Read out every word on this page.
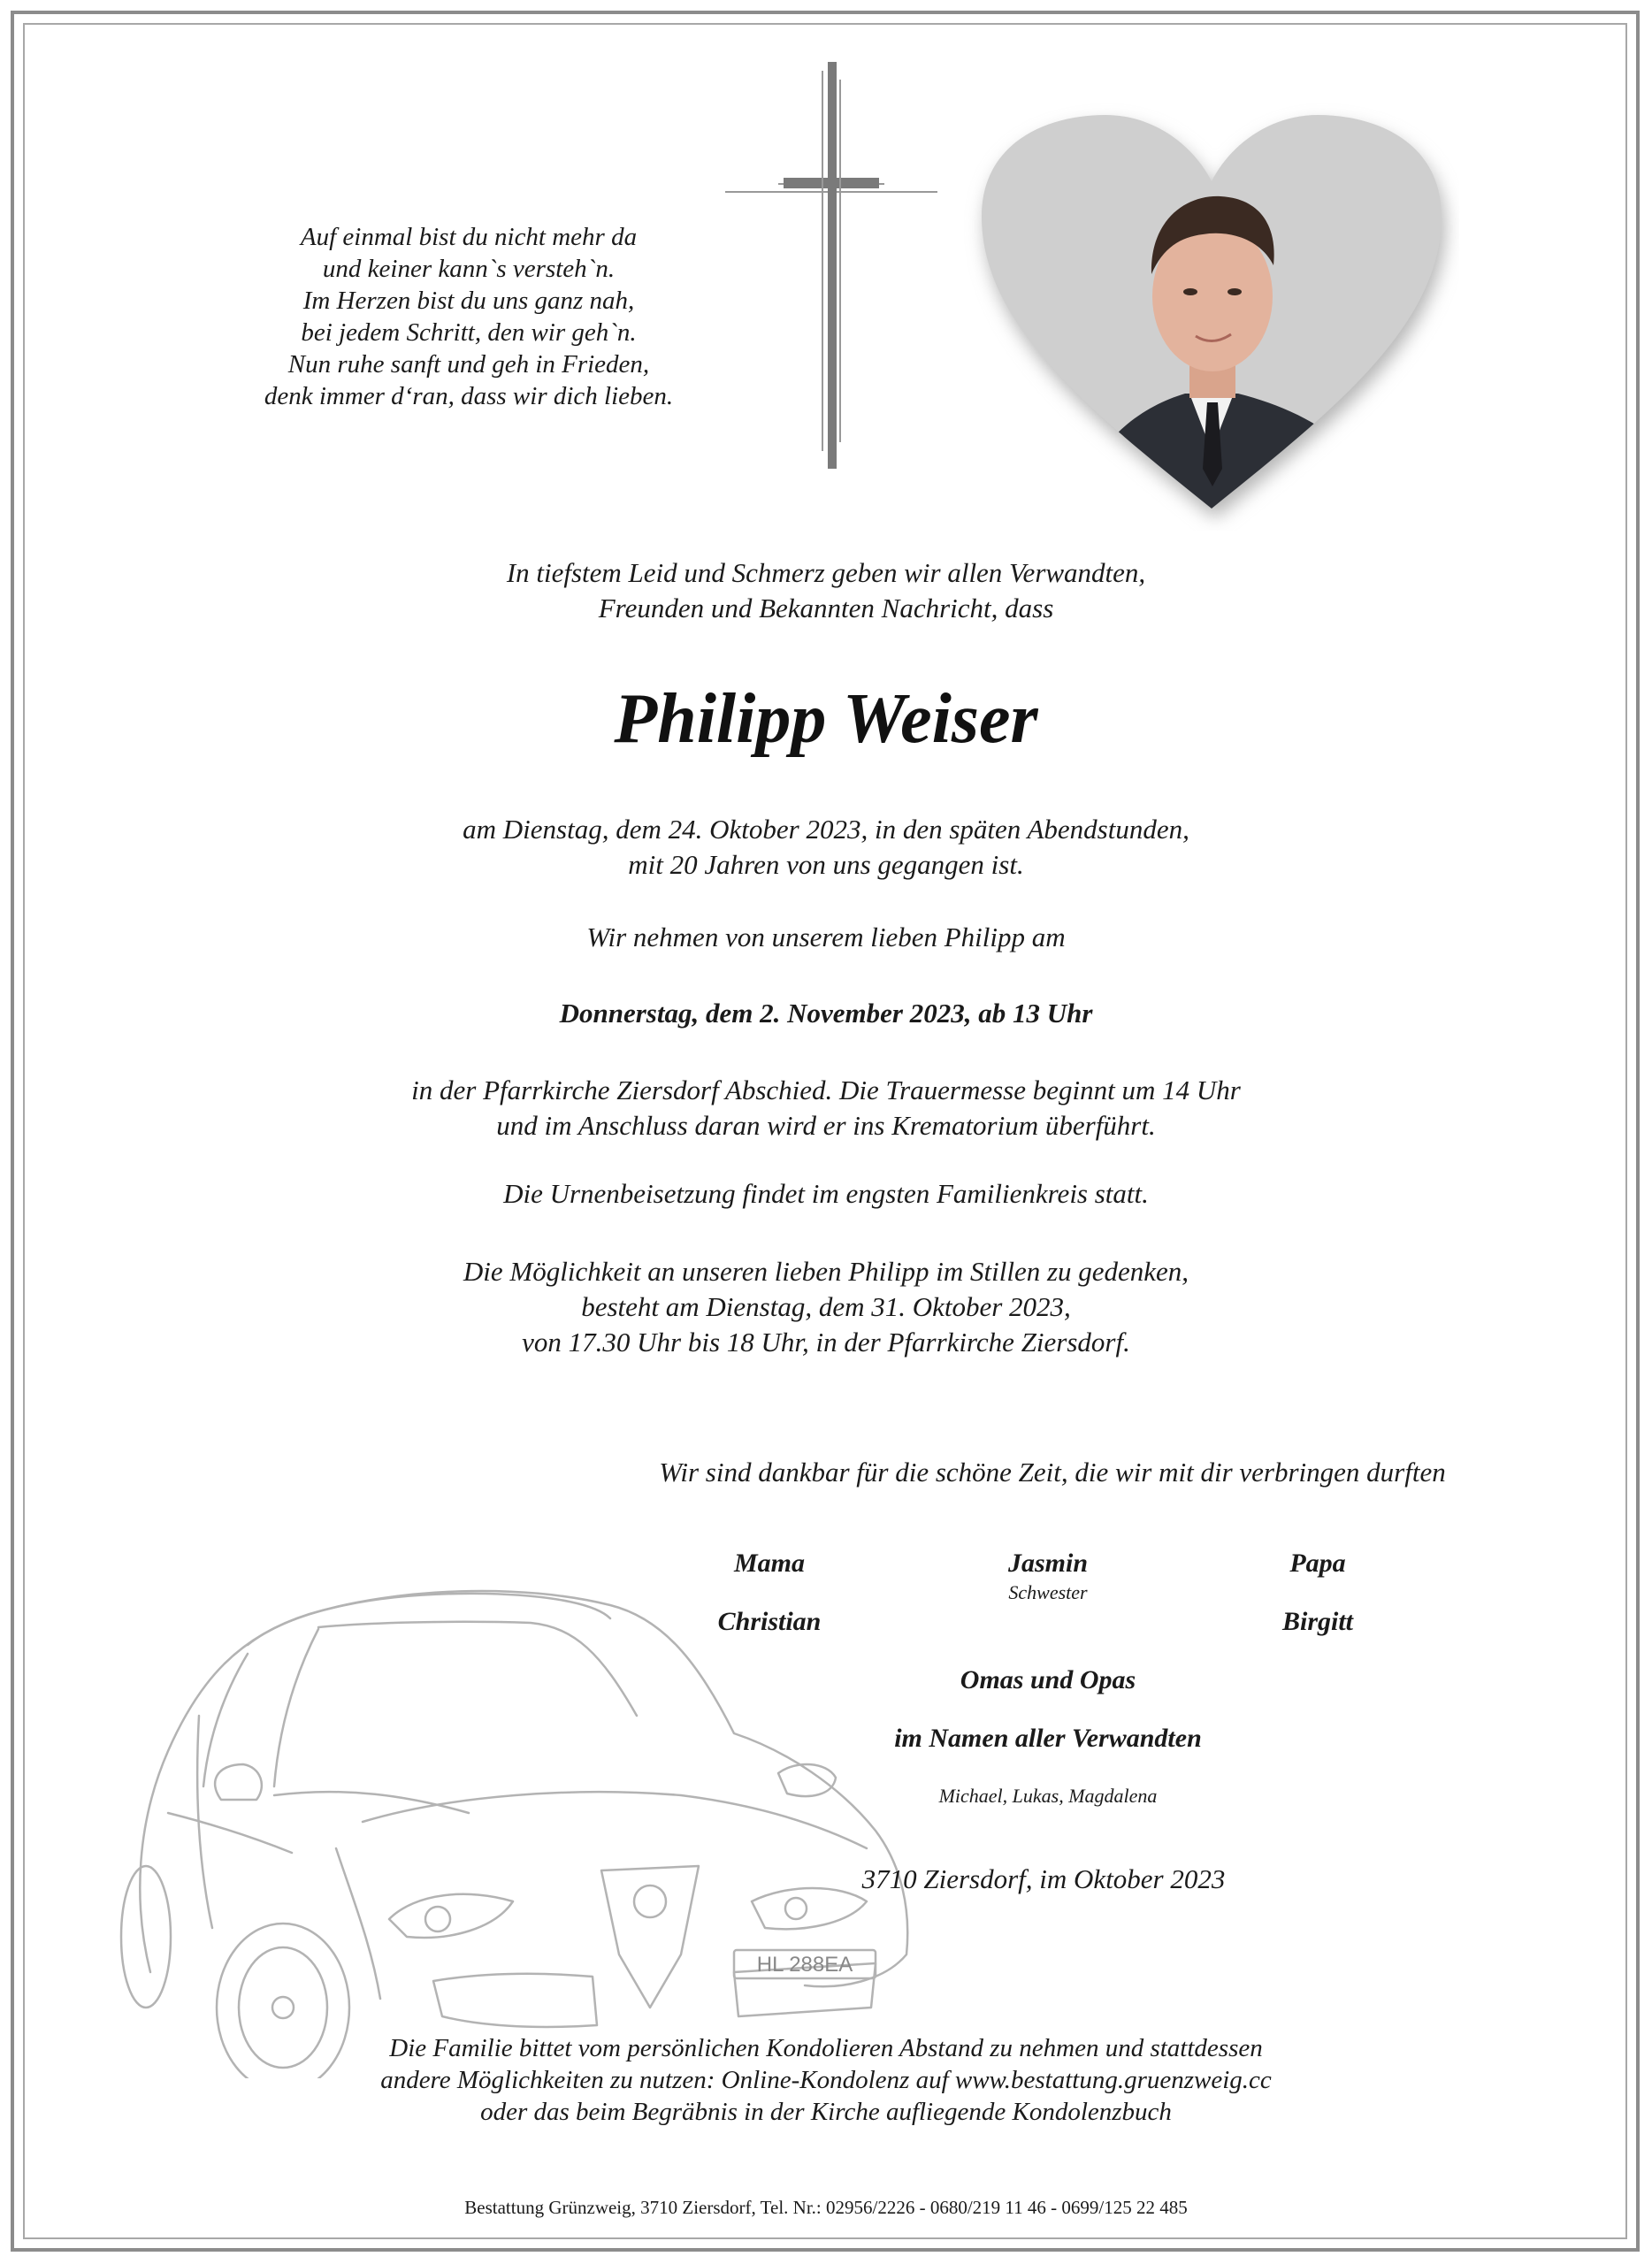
Auf einmal bist du nicht mehr da
und keiner kann`s versteh`n.
Im Herzen bist du uns ganz nah,
bei jedem Schritt, den wir geh`n.
Nun ruhe sanft und geh in Frieden,
denk immer d‘ran, dass wir dich lieben.
In tiefstem Leid und Schmerz geben wir allen Verwandten,
Freunden und Bekannten Nachricht, dass
Philipp Weiser
am Dienstag, dem 24. Oktober 2023, in den späten Abendstunden,
mit 20 Jahren von uns gegangen ist.
Wir nehmen von unserem lieben Philipp am
Donnerstag, dem 2. November 2023, ab 13 Uhr
in der Pfarrkirche Ziersdorf Abschied. Die Trauermesse beginnt um 14 Uhr
und im Anschluss daran wird er ins Krematorium überführt.
Die Urnenbeisetzung findet im engsten Familienkreis statt.
Die Möglichkeit an unseren lieben Philipp im Stillen zu gedenken,
besteht am Dienstag, dem 31. Oktober 2023,
von 17.30 Uhr bis 18 Uhr, in der Pfarrkirche Ziersdorf.
HL 288EA
Wir sind dankbar für die schöne Zeit, die wir mit dir verbringen durften
Mama
Christian
Jasmin
Schwester
Papa
Birgitt
Omas und Opas
im Namen aller Verwandten
Michael, Lukas, Magdalena
3710 Ziersdorf, im Oktober 2023
Die Familie bittet vom persönlichen Kondolieren Abstand zu nehmen und stattdessen
andere Möglichkeiten zu nutzen: Online-Kondolenz auf www.bestattung.gruenzweig.cc
oder das beim Begräbnis in der Kirche aufliegende Kondolenzbuch
Bestattung Grünzweig, 3710 Ziersdorf, Tel. Nr.: 02956/2226 - 0680/219 11 46 - 0699/125 22 485
